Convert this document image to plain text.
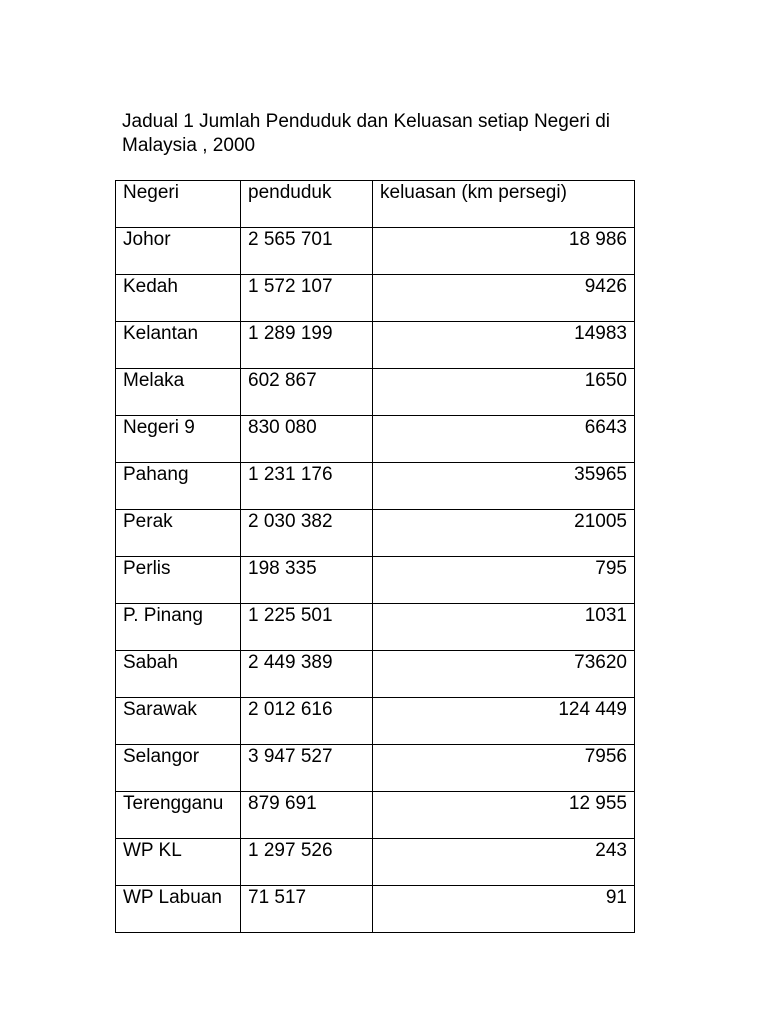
Jadual 1 Jumlah Penduduk dan Keluasan setiap Negeri di
Malaysia , 2000

Negeri	penduduk	keluasan (km persegi)
Johor	2 565 701	18 986
Kedah	1 572 107	9426
Kelantan	1 289 199	14983
Melaka	602 867	1650
Negeri 9	830 080	6643
Pahang	1 231 176	35965
Perak	2 030 382	21005
Perlis	198 335	795
P. Pinang	1 225 501	1031
Sabah	2 449 389	73620
Sarawak	2 012 616	124 449
Selangor	3 947 527	7956
Terengganu	879 691	12 955
WP KL	1 297 526	243
WP Labuan	71 517	91
